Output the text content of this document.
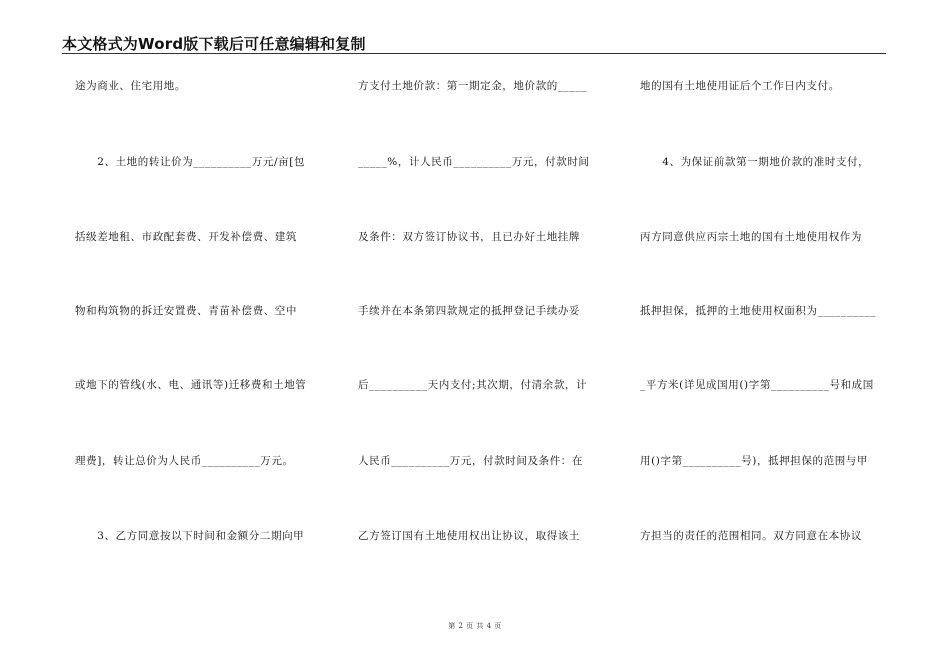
本文格式为Word版下载后可任意编辑和复制
途为商业、住宅用地。
　　2、土地的转让价为__________万元/亩[包
括级差地租、市政配套费、开发补偿费、建筑
物和构筑物的拆迁安置费、青苗补偿费、空中
或地下的管线(水、电、通讯等)迁移费和土地管
理费]，转让总价为人民币__________万元。
　　3、乙方同意按以下时间和金额分二期向甲
方支付土地价款：第一期定金，地价款的_____
_____%，计人民币__________万元，付款时间
及条件：双方签订协议书，且已办好土地挂牌
手续并在本条第四款规定的抵押登记手续办妥
后__________天内支付;其次期，付清余款，计
人民币__________万元，付款时间及条件：在
乙方签订国有土地使用权出让协议，取得该土
地的国有土地使用证后个工作日内支付。
　　4、为保证前款第一期地价款的准时支付，
丙方同意供应丙宗土地的国有土地使用权作为
抵押担保，抵押的土地使用权面积为__________
_平方米(详见成国用()字第__________号和成国
用()字第__________号)，抵押担保的范围与甲
方担当的责任的范围相同。双方同意在本协议
第 2 页 共 4 页
